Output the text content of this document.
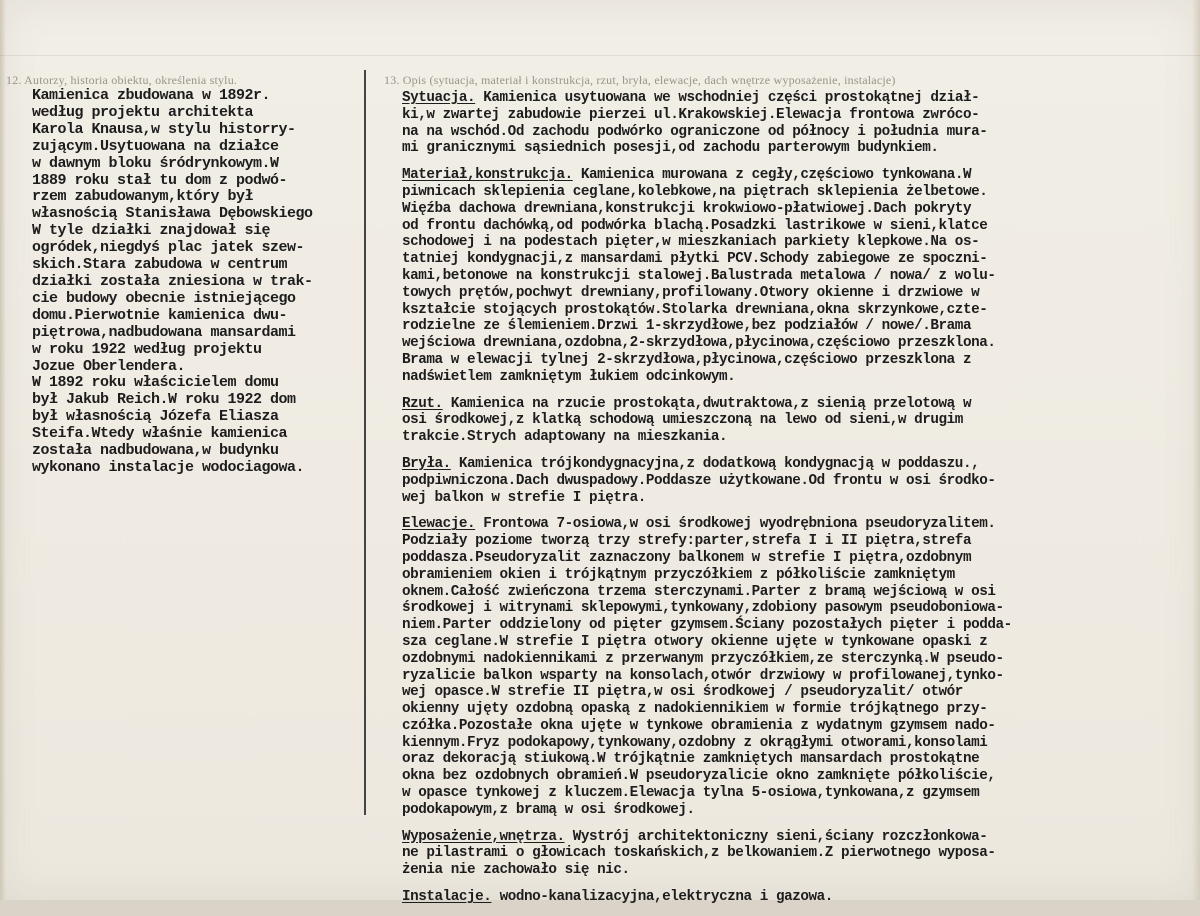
12. Autorzy, historia obiektu, określenia stylu.	13. Opis (sytuacja, materiał i konstrukcja, rzut, bryła, elewacje, dach wnętrze wyposażenie, instalacje)
Kamienica zbudowana w 1892r.
według projektu architekta
Karola Knausa,w stylu historry-
zującym.Usytuowana na działce
w dawnym bloku śródrynkowym.W
1889 roku stał tu dom z podwó-
rzem zabudowanym,który był
własnością Stanisława Dębowskiego
W tyle działki znajdował się
ogródek,niegdyś plac jatek szew-
skich.Stara zabudowa w centrum
działki została zniesiona w trak-
cie budowy obecnie istniejącego
domu.Pierwotnie kamienica dwu-
piętrowa,nadbudowana mansardami
w roku 1922 według projektu
Jozue Oberlendera.
W 1892 roku właścicielem domu
był Jakub Reich.W roku 1922 dom
był własnością Józefa Eliasza
Steifa.Wtedy właśnie kamienica
została nadbudowana,w budynku
wykonano instalacje wodociagowa.
Sytuacja. Kamienica usytuowana we wschodniej części prostokątnej dział-
ki,w zwartej zabudowie pierzei ul.Krakowskiej.Elewacja frontowa zwróco-
na na wschód.Od zachodu podwórko ograniczone od północy i południa mura-
mi granicznymi sąsiednich posesji,od zachodu parterowym budynkiem.
Materiał,konstrukcja. Kamienica murowana z cegły,częściowo tynkowana.W
piwnicach sklepienia ceglane,kolebkowe,na piętrach sklepienia żelbetowe.
Więźba dachowa drewniana,konstrukcji krokwiowo-płatwiowej.Dach pokryty
od frontu dachówką,od podwórka blachą.Posadzki lastrikowe w sieni,klatce
schodowej i na podestach pięter,w mieszkaniach parkiety klepkowe.Na os-
tatniej kondygnacji,z mansardami płytki PCV.Schody zabiegowe ze spoczni-
kami,betonowe na konstrukcji stalowej.Balustrada metalowa / nowa/ z wolu-
towych prętów,pochwyt drewniany,profilowany.Otwory okienne i drzwiowe w
kształcie stojących prostokątów.Stolarka drewniana,okna skrzynkowe,czte-
rodzielne ze ślemieniem.Drzwi 1-skrzydłowe,bez podziałów / nowe/.Brama
wejściowa drewniana,ozdobna,2-skrzydłowa,płycinowa,częściowo przeszklona.
Brama w elewacji tylnej 2-skrzydłowa,płycinowa,częściowo przeszklona z
nadświetlem zamkniętym łukiem odcinkowym.
Rzut. Kamienica na rzucie prostokąta,dwutraktowa,z sienią przelotową w
osi środkowej,z klatką schodową umieszczoną na lewo od sieni,w drugim
trakcie.Strych adaptowany na mieszkania.
Bryła. Kamienica trójkondygnacyjna,z dodatkową kondygnacją w poddaszu.,
podpiwniczona.Dach dwuspadowy.Poddasze użytkowane.Od frontu w osi środko-
wej balkon w strefie I piętra.
Elewacje. Frontowa 7-osiowa,w osi środkowej wyodrębniona pseudoryzalitem.
Podziały poziome tworzą trzy strefy:parter,strefa I i II piętra,strefa
poddasza.Pseudoryzalit zaznaczony balkonem w strefie I piętra,ozdobnym
obramieniem okien i trójkątnym przyczółkiem z półkoliście zamkniętym
oknem.Całość zwieńczona trzema sterczynami.Parter z bramą wejściową w osi
środkowej i witrynami sklepowymi,tynkowany,zdobiony pasowym pseudoboniowa-
niem.Parter oddzielony od pięter gzymsem.Ściany pozostałych pięter i podda-
sza ceglane.W strefie I piętra otwory okienne ujęte w tynkowane opaski z
ozdobnymi nadokiennikami z przerwanym przyczółkiem,ze sterczynką.W pseudo-
ryzalicie balkon wsparty na konsolach,otwór drzwiowy w profilowanej,tynko-
wej opasce.W strefie II piętra,w osi środkowej / pseudoryzalit/ otwór
okienny ujęty ozdobną opaską z nadokiennikiem w formie trójkątnego przy-
czółka.Pozostałe okna ujęte w tynkowe obramienia z wydatnym gzymsem nado-
kiennym.Fryz podokapowy,tynkowany,ozdobny z okrągłymi otworami,konsolami
oraz dekoracją stiukową.W trójkątnie zamkniętych mansardach prostokątne
okna bez ozdobnych obramień.W pseudoryzalicie okno zamknięte półkoliście,
w opasce tynkowej z kluczem.Elewacja tylna 5-osiowa,tynkowana,z gzymsem
podokapowym,z bramą w osi środkowej.
Wyposażenie,wnętrza. Wystrój architektoniczny sieni,ściany rozczłonkowa-
ne pilastrami o głowicach toskańskich,z belkowaniem.Z pierwotnego wyposa-
żenia nie zachowało się nic.
Instalacje. wodno-kanalizacyjna,elektryczna i gazowa.
